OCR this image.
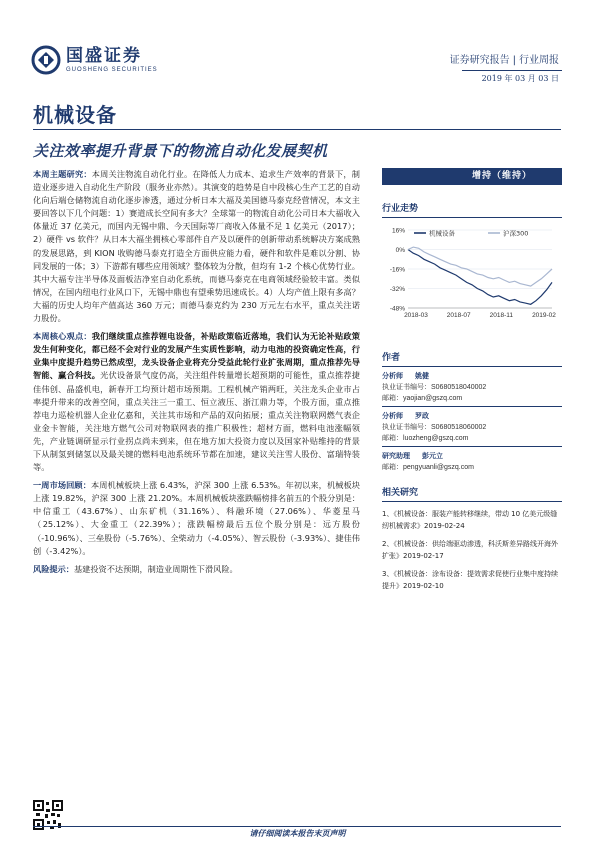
国盛证券
GUOSHENG SECURITIES
证券研究报告 | 行业周报
2019 年 03 月 03 日
机械设备
关注效率提升背景下的物流自动化发展契机

本周主题研究：本周关注物流自动化行业。在降低人力成本、追求生产效率的背景下，制造业逐步进入自动化生产阶段（服务业亦然）。其演变的趋势是自中段核心生产工艺的自动化向后端仓储物流自动化逐步渗透，通过分析日本大福及美国德马泰克经营情况，本文主要回答以下几个问题：1）赛道成长空间有多大？全球第一的物流自动化公司日本大福收入体量近 37 亿美元，而国内无锡中鼎、今天国际等厂商收入体量不足 1 亿美元（2017）；2）硬件 vs 软件？从日本大福坐拥核心零部件自产及以硬件的创新带动系统解决方案成熟的发展思路，到 KION 收购德马泰克打造全方面供应能力看，硬件和软件是难以分割、协同发展的一体；3）下游都有哪些应用领域？整体较为分散，但均有 1-2 个核心优势行业。其中大福专注半导体及面板洁净室自动化系统，而德马泰克在电商领域经验较丰富。类似情况，在国内纽电行业风口下，无锡中鼎也有望乘势迅速成长。4）人均产值上限有多高？大福的历史人均年产值高达 360 万元；而德马泰克约为 230 万元左右水平，重点关注诺力股份。

本周核心观点：我们继续重点推荐锂电设备，补贴政策临近落地，我们认为无论补贴政策发生何种变化，都已经不会对行业的发展产生实质性影响，动力电池的投资确定性高，行业集中度提升趋势已然成型，龙头设备企业将充分受益此轮行业扩张周期，重点推荐先导智能、赢合科技。光伏设备景气度仍高，关注组件转量增长超预期的可能性，重点推荐捷佳伟创、晶盛机电，新春开工均预计超市场预期。工程机械产销两旺，关注龙头企业市占率提升带来的改善空间，重点关注三一重工、恒立液压、浙江鼎力等，个股方面，重点推荐电力巡检机器人企业亿嘉和，关注其市场和产品的双向拓展；重点关注物联网燃气表企业金卡智能，关注地方燃气公司对物联网表的推广积极性；超材方面，燃料电池涨幅领先，产业链调研显示行业拐点尚未到来，但在地方加大投资力度以及国家补贴维持的背景下从制氢到储氢以及最关键的燃料电池系统环节都在加速，建议关注雪人股份、富瑞特装等。

一周市场回顾：本周机械板块上涨 6.43%，沪深 300 上涨 6.53%。年初以来，机械板块上涨 19.82%，沪深 300 上涨 21.20%。本周机械板块涨跌幅榜排名前五的个股分别是：中信重工（43.67%）、山东矿机（31.16%）、科融环境（27.06%）、华菱星马（25.12%）、大金重工（22.39%）；涨跌幅榜最后五位个股分别是：远方股份（-10.96%）、三垒股份（-5.76%）、全柴动力（-4.05%）、智云股份（-3.93%）、捷佳伟创（-3.42%）。

风险提示：基建投资不达预期，制造业周期性下滑风险。

增持（维持）
行业走势
16%
0%
-16%
-32%
-48%
2018-03	2018-07	2018-11	2019-02
机械设备	沪深300
作者
分析师 姚健
执业证书编号：S0680518040002
邮箱：yaojian@gszq.com
分析师 罗政
执业证书编号：S0680518060002
邮箱：luozheng@gszq.com
研究助理 彭元立
邮箱：pengyuanli@gszq.com
相关研究
1、《机械设备：服装产能转移继续，带动 10 亿美元级缝纫机械需求》2019-02-24
2、《机械设备：供给端驱动渗透，科沃斯差异路线开海外扩张》2019-02-17
3、《机械设备：涂布设备：提效需求促使行业集中度持续提升》2019-02-10
请仔细阅读本报告末页声明
